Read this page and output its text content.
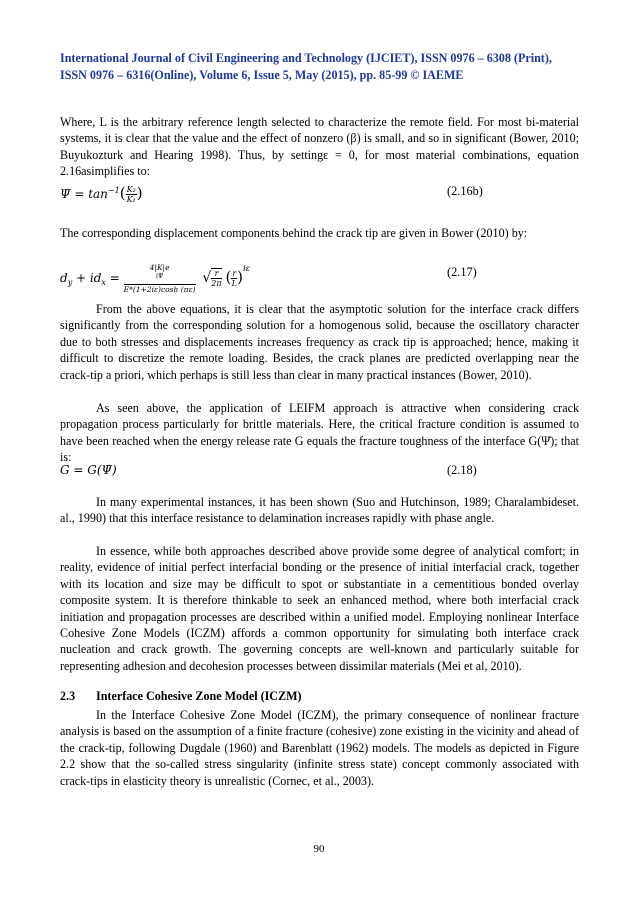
International Journal of Civil Engineering and Technology (IJCIET), ISSN 0976 – 6308 (Print),
ISSN 0976 – 6316(Online), Volume 6, Issue 5, May (2015), pp. 85-99 © IAEME
Where, L is the arbitrary reference length selected to characterize the remote field. For most bi-material systems, it is clear that the value and the effect of nonzero (β) is small, and so in significant (Bower, 2010; Buyukozturk and Hearing 1998). Thus, by settingε = 0, for most material combinations, equation 2.16asimplifies to:
Ψ̇ = $\tan^{-1}( \frac{\text{K₂}}{\text{K₁}}$ )	(2.16b)
The corresponding displacement components behind the crack tip are given in Bower (2010) by:
$d_y + id_x = 4|K|e$
$^{i\Psi}$
E*(1+2iε)cosh (πε) √ $\frac{r}{2\pi}$ ( $\frac{r}{L} )^{i\varepsilon}$	(2.17)
From the above equations, it is clear that the asymptotic solution for the interface crack differs significantly from the corresponding solution for a homogenous solid, because the oscillatory character due to both stresses and displacements increases frequency as crack tip is approached; hence, making it difficult to discretize the remote loading. Besides, the crack planes are predicted overlapping near the crack-tip a priori, which perhaps is still less than clear in many practical instances (Bower, 2010).
As seen above, the application of LEIFM approach is attractive when considering crack propagation process particularly for brittle materials. Here, the critical fracture condition is assumed to have been reached when the energy release rate G equals the fracture toughness of the interface G(Ψ̇); that is:
G = G(Ψ̇)	(2.18)
In many experimental instances, it has been shown (Suo and Hutchinson, 1989; Charalambideset. al., 1990) that this interface resistance to delamination increases rapidly with phase angle.
In essence, while both approaches described above provide some degree of analytical comfort; in reality, evidence of initial perfect interfacial bonding or the presence of initial interfacial crack, together with its location and size may be difficult to spot or substantiate in a cementitious bonded overlay composite system. It is therefore thinkable to seek an enhanced method, where both interfacial crack initiation and propagation processes are described within a unified model. Employing nonlinear Interface Cohesive Zone Models (ICZM) affords a common opportunity for simulating both interface crack nucleation and crack growth. The governing concepts are well-known and particularly suitable for representing adhesion and decohesion processes between dissimilar materials (Mei et al, 2010).
2.3 Interface Cohesive Zone Model (ICZM)
In the Interface Cohesive Zone Model (ICZM), the primary consequence of nonlinear fracture analysis is based on the assumption of a finite fracture (cohesive) zone existing in the vicinity and ahead of the crack-tip, following Dugdale (1960) and Barenblatt (1962) models. The models as depicted in Figure 2.2 show that the so-called stress singularity (infinite stress state) concept commonly associated with crack-tips in elasticity theory is unrealistic (Cornec, et al., 2003).
90
